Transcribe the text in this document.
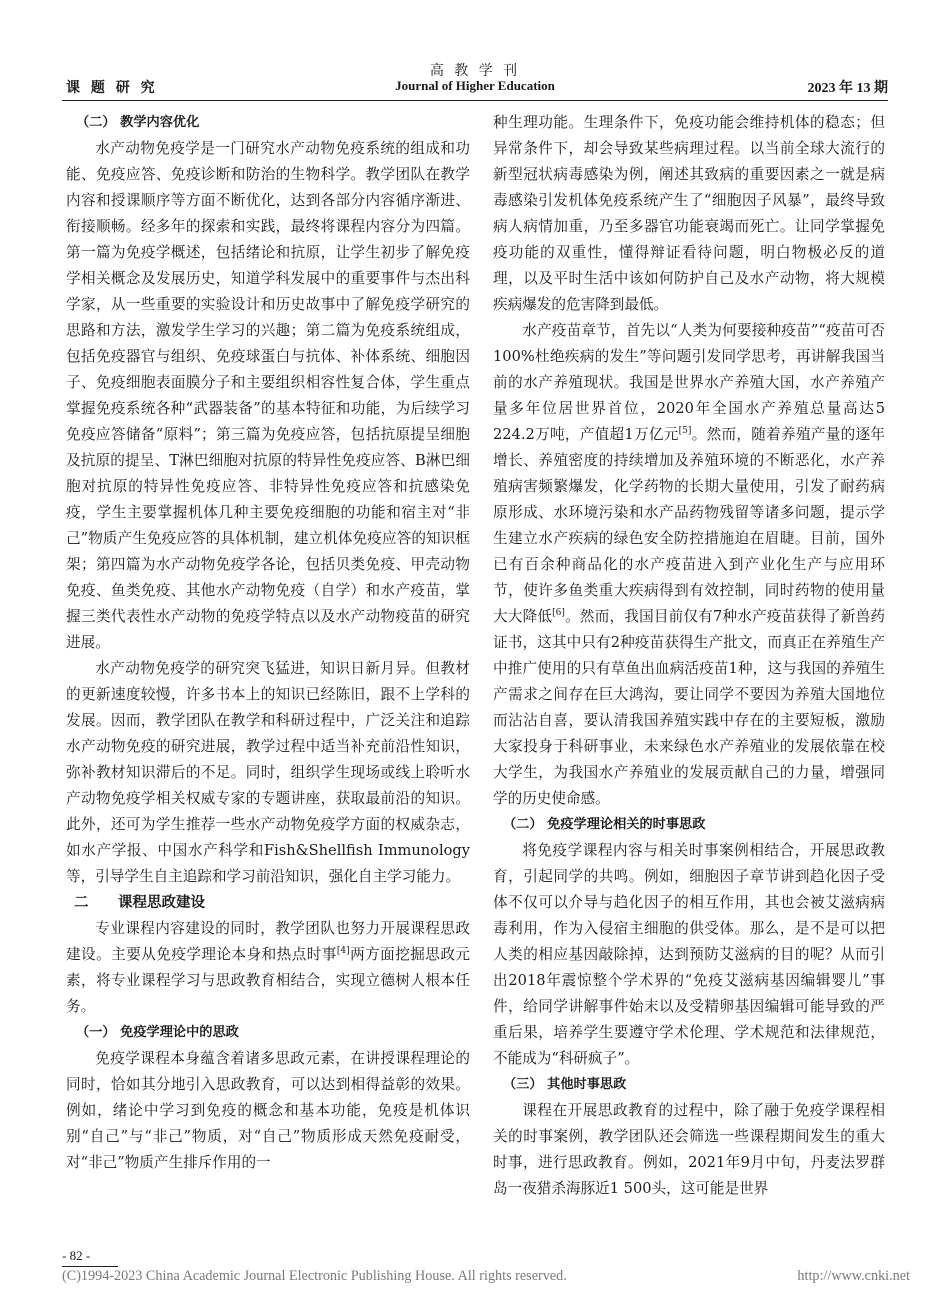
高 教 学 刊
Journal of Higher Education
课 题 研 究	2023 年 13 期
（二） 教学内容优化

水产动物免疫学是一门研究水产动物免疫系统的组成和功能、免疫应答、免疫诊断和防治的生物科学。教学团队在教学内容和授课顺序等方面不断优化，达到各部分内容循序渐进、衔接顺畅。经多年的探索和实践，最终将课程内容分为四篇。第一篇为免疫学概述，包括绪论和抗原，让学生初步了解免疫学相关概念及发展历史，知道学科发展中的重要事件与杰出科学家，从一些重要的实验设计和历史故事中了解免疫学研究的思路和方法，激发学生学习的兴趣；第二篇为免疫系统组成，包括免疫器官与组织、免疫球蛋白与抗体、补体系统、细胞因子、免疫细胞表面膜分子和主要组织相容性复合体，学生重点掌握免疫系统各种“武器装备”的基本特征和功能，为后续学习免疫应答储备“原料”；第三篇为免疫应答，包括抗原提呈细胞及抗原的提呈、T淋巴细胞对抗原的特异性免疫应答、B淋巴细胞对抗原的特异性免疫应答、非特异性免疫应答和抗感染免疫，学生主要掌握机体几种主要免疫细胞的功能和宿主对“非己”物质产生免疫应答的具体机制，建立机体免疫应答的知识框架；第四篇为水产动物免疫学各论，包括贝类免疫、甲壳动物免疫、鱼类免疫、其他水产动物免疫（自学）和水产疫苗，掌握三类代表性水产动物的免疫学特点以及水产动物疫苗的研究进展。

水产动物免疫学的研究突飞猛进，知识日新月异。但教材的更新速度较慢，许多书本上的知识已经陈旧，跟不上学科的发展。因而，教学团队在教学和科研过程中，广泛关注和追踪水产动物免疫的研究进展，教学过程中适当补充前沿性知识，弥补教材知识滞后的不足。同时，组织学生现场或线上聆听水产动物免疫学相关权威专家的专题讲座，获取最前沿的知识。此外，还可为学生推荐一些水产动物免疫学方面的权威杂志，如水产学报、中国水产科学和Fish&Shellfish Immunology等，引导学生自主追踪和学习前沿知识，强化自主学习能力。

二 课程思政建设

专业课程内容建设的同时，教学团队也努力开展课程思政建设。主要从免疫学理论本身和热点时事[4]两方面挖掘思政元素，将专业课程学习与思政教育相结合，实现立德树人根本任务。

（一） 免疫学理论中的思政

免疫学课程本身蕴含着诸多思政元素，在讲授课程理论的同时，恰如其分地引入思政教育，可以达到相得益彰的效果。例如，绪论中学习到免疫的概念和基本功能，免疫是机体识别“自己”与“非己”物质，对“自己”物质形成天然免疫耐受，对“非己”物质产生排斥作用的一

种生理功能。生理条件下，免疫功能会维持机体的稳态；但异常条件下，却会导致某些病理过程。以当前全球大流行的新型冠状病毒感染为例，阐述其致病的重要因素之一就是病毒感染引发机体免疫系统产生了“细胞因子风暴”，最终导致病人病情加重，乃至多器官功能衰竭而死亡。让同学掌握免疫功能的双重性，懂得辩证看待问题，明白物极必反的道理，以及平时生活中该如何防护自己及水产动物，将大规模疾病爆发的危害降到最低。

水产疫苗章节，首先以“人类为何要接种疫苗”“疫苗可否100%杜绝疾病的发生”等问题引发同学思考，再讲解我国当前的水产养殖现状。我国是世界水产养殖大国，水产养殖产量多年位居世界首位，2020年全国水产养殖总量高达5 224.2万吨，产值超1万亿元[5]。然而，随着养殖产量的逐年增长、养殖密度的持续增加及养殖环境的不断恶化，水产养殖病害频繁爆发，化学药物的长期大量使用，引发了耐药病原形成、水环境污染和水产品药物残留等诸多问题，提示学生建立水产疾病的绿色安全防控措施迫在眉睫。目前，国外已有百余种商品化的水产疫苗进入到产业化生产与应用环节，使许多鱼类重大疾病得到有效控制，同时药物的使用量大大降低[6]。然而，我国目前仅有7种水产疫苗获得了新兽药证书，这其中只有2种疫苗获得生产批文，而真正在养殖生产中推广使用的只有草鱼出血病活疫苗1种，这与我国的养殖生产需求之间存在巨大鸿沟，要让同学不要因为养殖大国地位而沾沾自喜，要认清我国养殖实践中存在的主要短板，激励大家投身于科研事业，未来绿色水产养殖业的发展依靠在校大学生，为我国水产养殖业的发展贡献自己的力量，增强同学的历史使命感。

（二） 免疫学理论相关的时事思政

将免疫学课程内容与相关时事案例相结合，开展思政教育，引起同学的共鸣。例如，细胞因子章节讲到趋化因子受体不仅可以介导与趋化因子的相互作用，其也会被艾滋病病毒利用，作为入侵宿主细胞的供受体。那么，是不是可以把人类的相应基因敲除掉，达到预防艾滋病的目的呢？从而引出2018年震惊整个学术界的“免疫艾滋病基因编辑婴儿”事件，给同学讲解事件始末以及受精卵基因编辑可能导致的严重后果，培养学生要遵守学术伦理、学术规范和法律规范，不能成为“科研疯子”。

（三） 其他时事思政

课程在开展思政教育的过程中，除了融于免疫学课程相关的时事案例，教学团队还会筛选一些课程期间发生的重大时事，进行思政教育。例如，2021年9月中旬，丹麦法罗群岛一夜猎杀海豚近1 500头，这可能是世界

- 82 -
(C)1994-2023 China Academic Journal Electronic Publishing House. All rights reserved.	http://www.cnki.net
